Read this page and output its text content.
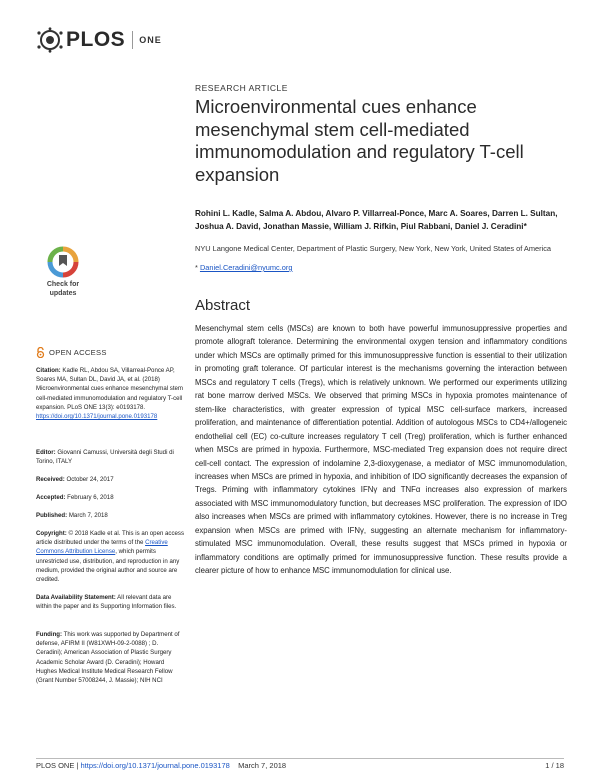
PLOS ONE
RESEARCH ARTICLE
Microenvironmental cues enhance mesenchymal stem cell-mediated immunomodulation and regulatory T-cell expansion
Rohini L. Kadle, Salma A. Abdou, Alvaro P. Villarreal-Ponce, Marc A. Soares, Darren L. Sultan, Joshua A. David, Jonathan Massie, William J. Rifkin, Piul Rabbani, Daniel J. Ceradini*
NYU Langone Medical Center, Department of Plastic Surgery, New York, New York, United States of America
* Daniel.Ceradini@nyumc.org
Abstract
Mesenchymal stem cells (MSCs) are known to both have powerful immunosuppressive properties and promote allograft tolerance. Determining the environmental oxygen tension and inflammatory conditions under which MSCs are optimally primed for this immunosuppressive function is essential to their utilization in promoting graft tolerance. Of particular interest is the mechanisms governing the interaction between MSCs and regulatory T cells (Tregs), which is relatively unknown. We performed our experiments utilizing rat bone marrow derived MSCs. We observed that priming MSCs in hypoxia promotes maintenance of stem-like characteristics, with greater expression of typical MSC cell-surface markers, increased proliferation, and maintenance of differentiation potential. Addition of autologous MSCs to CD4+/allogeneic endothelial cell (EC) co-culture increases regulatory T cell (Treg) proliferation, which is further enhanced when MSCs are primed in hypoxia. Furthermore, MSC-mediated Treg expansion does not require direct cell-cell contact. The expression of indolamine 2,3-dioxygenase, a mediator of MSC immunomodulation, increases when MSCs are primed in hypoxia, and inhibition of IDO significantly decreases the expansion of Tregs. Priming with inflammatory cytokines IFNγ and TNFα increases also expression of markers associated with MSC immunomodulatory function, but decreases MSC proliferation. The expression of IDO also increases when MSCs are primed with inflammatory cytokines. However, there is no increase in Treg expansion when MSCs are primed with IFNγ, suggesting an alternate mechanism for inflammatory-stimulated MSC immunomodulation. Overall, these results suggest that MSCs primed in hypoxia or inflammatory conditions are optimally primed for immunosuppressive function. These results provide a clearer picture of how to enhance MSC immunomodulation for clinical use.
Check for updates
OPEN ACCESS
Citation: Kadle RL, Abdou SA, Villarreal-Ponce AP, Soares MA, Sultan DL, David JA, et al. (2018) Microenvironmental cues enhance mesenchymal stem cell-mediated immunomodulation and regulatory T-cell expansion. PLoS ONE 13(3): e0193178. https://doi.org/10.1371/journal.pone.0193178
Editor: Giovanni Camussi, Università degli Studi di Torino, ITALY
Received: October 24, 2017
Accepted: February 6, 2018
Published: March 7, 2018
Copyright: © 2018 Kadle et al. This is an open access article distributed under the terms of the Creative Commons Attribution License, which permits unrestricted use, distribution, and reproduction in any medium, provided the original author and source are credited.
Data Availability Statement: All relevant data are within the paper and its Supporting Information files.
Funding: This work was supported by Department of defense, AFIRM II (W81XWH-09-2-0088) ; D. Ceradini); American Association of Plastic Surgery Academic Scholar Award (D. Ceradini); Howard Hughes Medical Institute Medical Research Fellow (Grant Number 57008244, J. Massie); NIH NCI
PLOS ONE | https://doi.org/10.1371/journal.pone.0193178 March 7, 2018	1 / 18
